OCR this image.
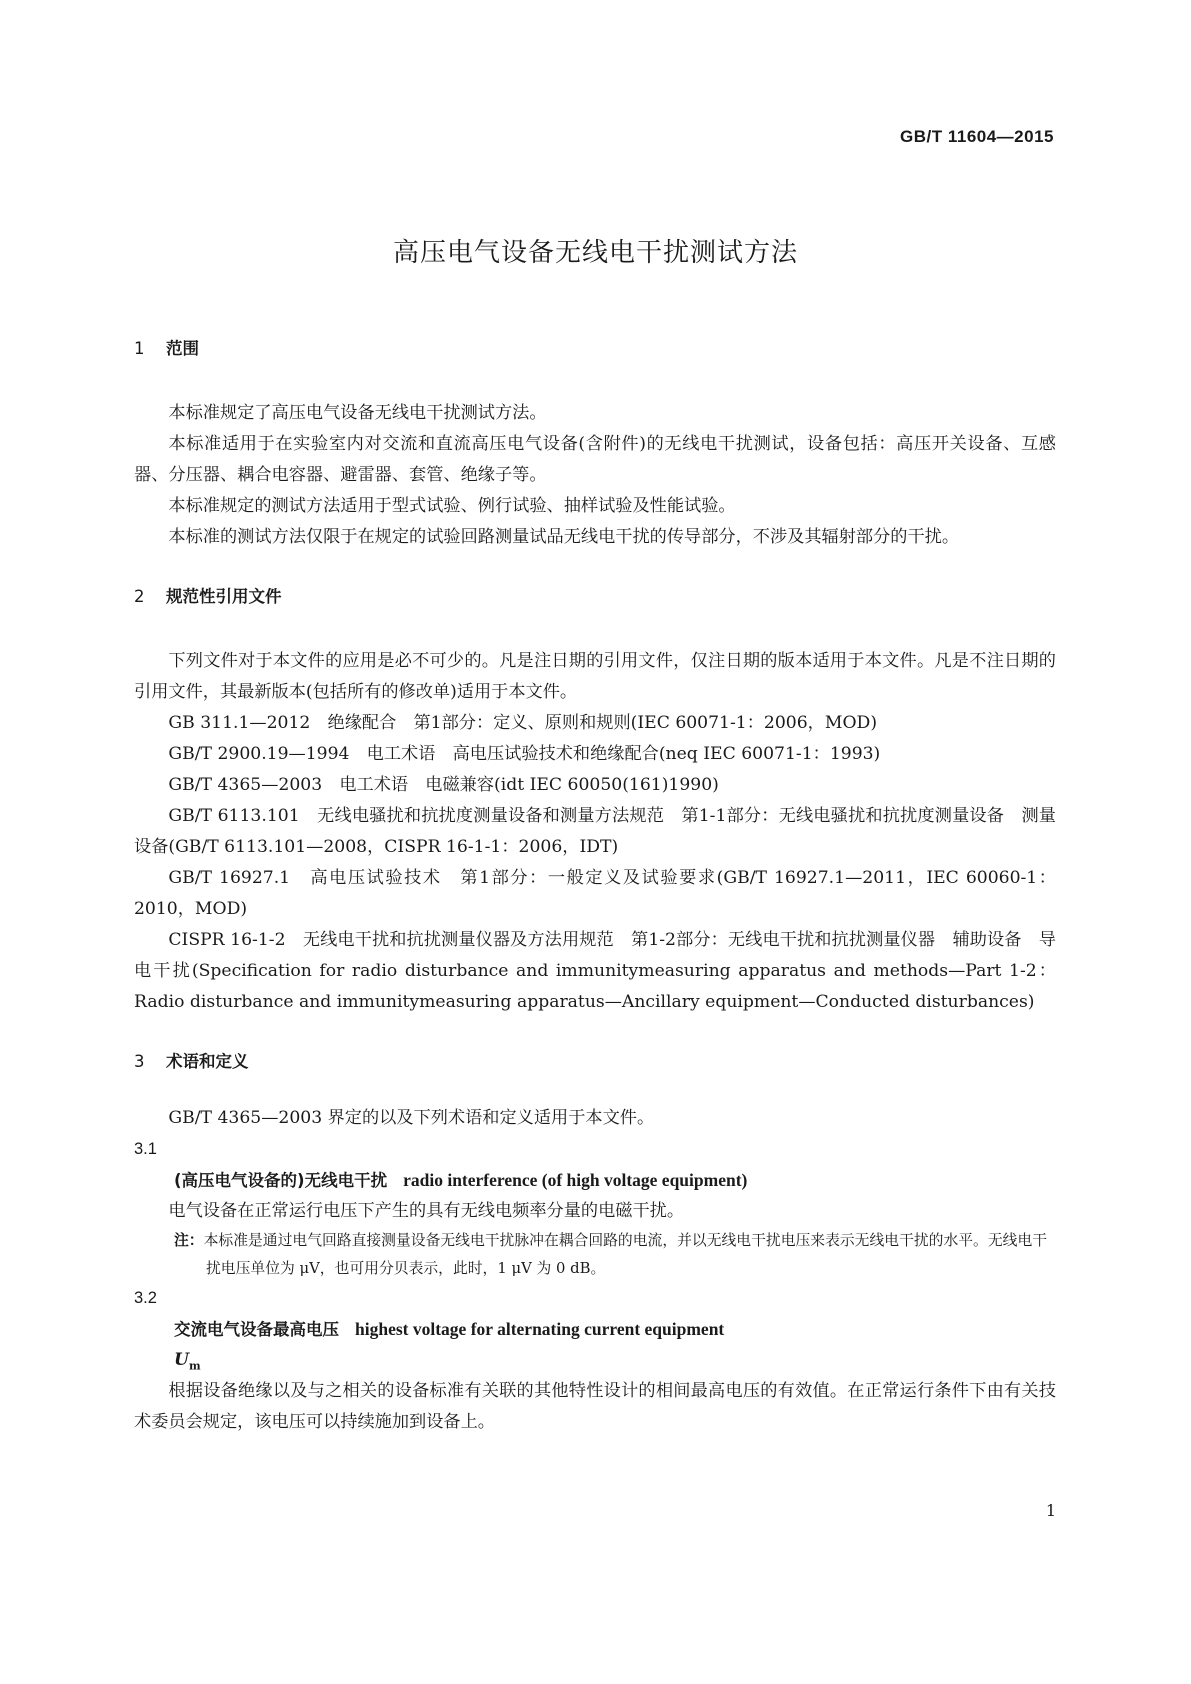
GB/T 11604—2015
高压电气设备无线电干扰测试方法
1 范围

本标准规定了高压电气设备无线电干扰测试方法。

本标准适用于在实验室内对交流和直流高压电气设备(含附件)的无线电干扰测试，设备包括：高压开关设备、互感器、分压器、耦合电容器、避雷器、套管、绝缘子等。

本标准规定的测试方法适用于型式试验、例行试验、抽样试验及性能试验。

本标准的测试方法仅限于在规定的试验回路测量试品无线电干扰的传导部分，不涉及其辐射部分的干扰。

2 规范性引用文件

下列文件对于本文件的应用是必不可少的。凡是注日期的引用文件，仅注日期的版本适用于本文件。凡是不注日期的引用文件，其最新版本(包括所有的修改单)适用于本文件。

GB 311.1—2012　绝缘配合　第1部分：定义、原则和规则(IEC 60071-1：2006，MOD)

GB/T 2900.19—1994　电工术语　高电压试验技术和绝缘配合(neq IEC 60071-1：1993)

GB/T 4365—2003　电工术语　电磁兼容(idt IEC 60050(161)1990)

GB/T 6113.101　无线电骚扰和抗扰度测量设备和测量方法规范　第1-1部分：无线电骚扰和抗扰度测量设备　测量设备(GB/T 6113.101—2008，CISPR 16-1-1：2006，IDT)

GB/T 16927.1　高电压试验技术　第1部分：一般定义及试验要求(GB/T 16927.1—2011，IEC 60060-1：2010，MOD)

CISPR 16-1-2　无线电干扰和抗扰测量仪器及方法用规范　第1-2部分：无线电干扰和抗扰测量仪器　辅助设备　导电干扰(Specification for radio disturbance and immunitymeasuring apparatus and methods—Part 1-2：Radio disturbance and immunitymeasuring apparatus—Ancillary equipment—Conducted disturbances)

3 术语和定义

GB/T 4365—2003 界定的以及下列术语和定义适用于本文件。

3.1
(高压电气设备的)无线电干扰 radio interference (of high voltage equipment)

电气设备在正常运行电压下产生的具有无线电频率分量的电磁干扰。

注：本标准是通过电气回路直接测量设备无线电干扰脉冲在耦合回路的电流，并以无线电干扰电压来表示无线电干扰的水平。无线电干扰电压单位为 μV，也可用分贝表示，此时，1 μV 为 0 dB。
3.2
交流电气设备最高电压 highest voltage for alternating current equipment
$U_m$

根据设备绝缘以及与之相关的设备标准有关联的其他特性设计的相间最高电压的有效值。在正常运行条件下由有关技术委员会规定，该电压可以持续施加到设备上。

1
